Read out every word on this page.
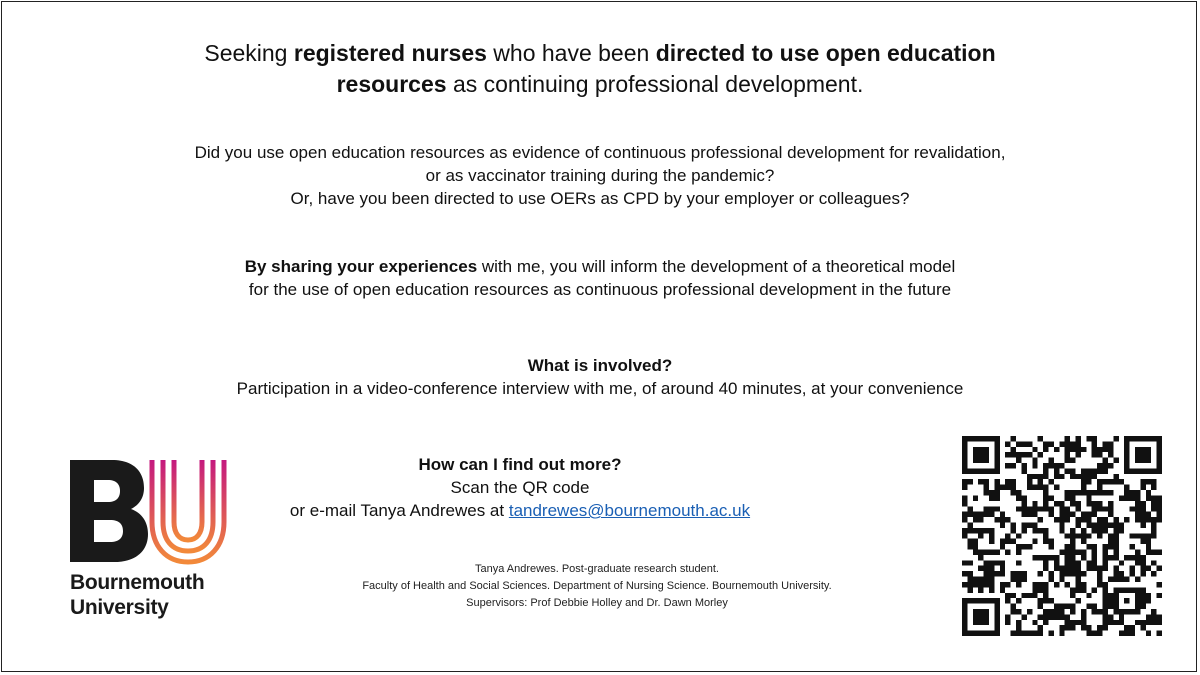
Seeking registered nurses who have been directed to use open education
resources as continuing professional development.
Did you use open education resources as evidence of continuous professional development for revalidation,
or as vaccinator training during the pandemic?
Or, have you been directed to use OERs as CPD by your employer or colleagues?
By sharing your experiences with me, you will inform the development of a theoretical model
for the use of open education resources as continuous professional development in the future
What is involved?
Participation in a video-conference interview with me, of around 40 minutes, at your convenience
How can I find out more?
Scan the QR code
or e-mail Tanya Andrewes at tandrewes@bournemouth.ac.uk
Tanya Andrewes. Post-graduate research student.
Faculty of Health and Social Sciences. Department of Nursing Science. Bournemouth University.
Supervisors: Prof Debbie Holley and Dr. Dawn Morley
Bournemouth
University
